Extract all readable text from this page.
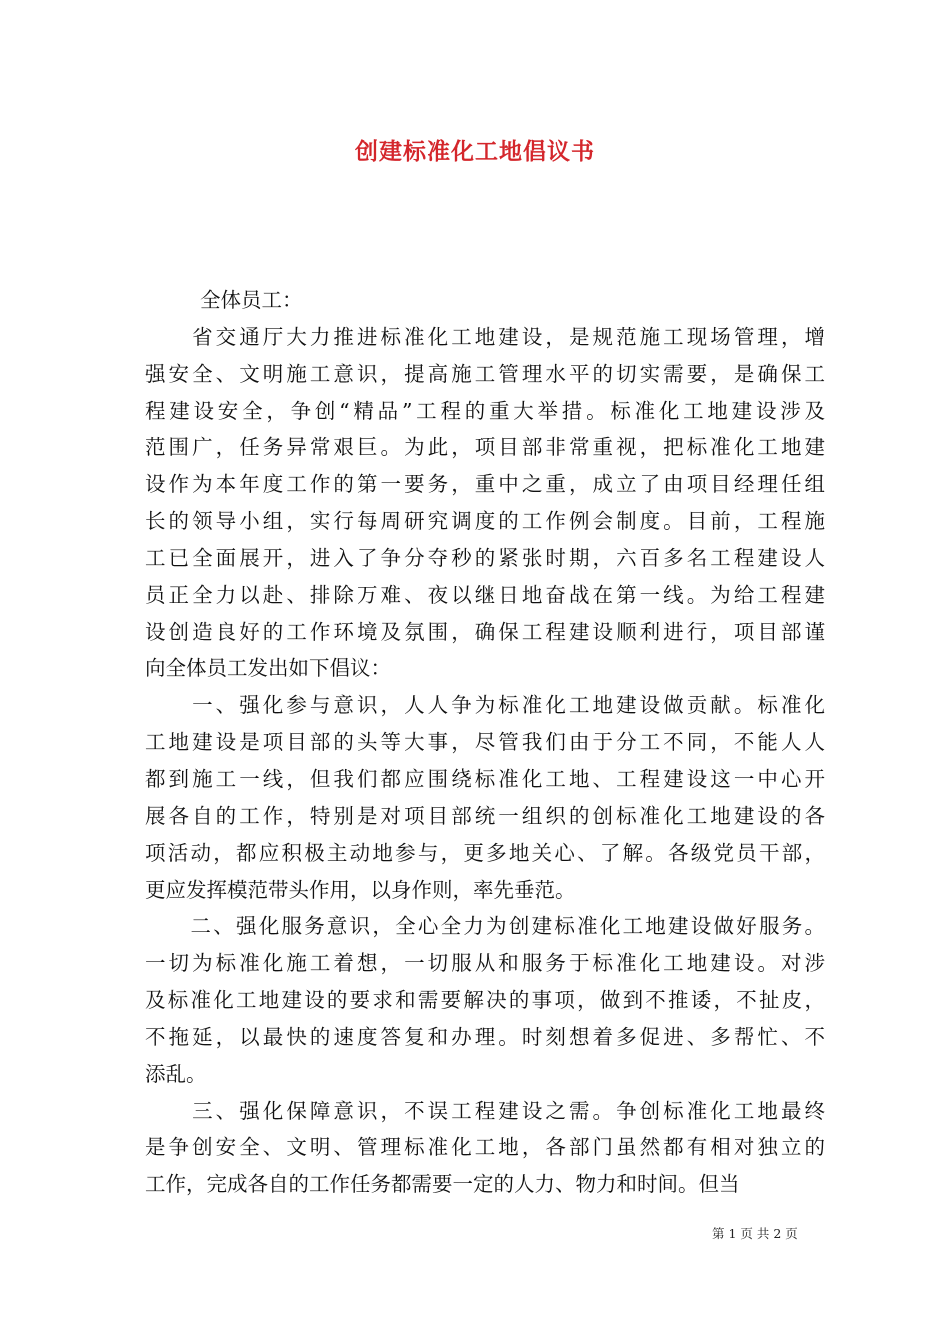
创建标准化工地倡议书

全体员工：

　　省交通厅大力推进标准化工地建设，是规范施工现场管理，增
强安全、文明施工意识，提高施工管理水平的切实需要，是确保工
程建设安全，争创“精品”工程的重大举措。标准化工地建设涉及
范围广，任务异常艰巨。为此，项目部非常重视，把标准化工地建
设作为本年度工作的第一要务，重中之重，成立了由项目经理任组
长的领导小组，实行每周研究调度的工作例会制度。目前，工程施
工已全面展开，进入了争分夺秒的紧张时期，六百多名工程建设人
员正全力以赴、排除万难、夜以继日地奋战在第一线。为给工程建
设创造良好的工作环境及氛围，确保工程建设顺利进行，项目部谨
向全体员工发出如下倡议：

　　一、强化参与意识，人人争为标准化工地建设做贡献。标准化
工地建设是项目部的头等大事，尽管我们由于分工不同，不能人人
都到施工一线，但我们都应围绕标准化工地、工程建设这一中心开
展各自的工作，特别是对项目部统一组织的创标准化工地建设的各
项活动，都应积极主动地参与，更多地关心、了解。各级党员干部，
更应发挥模范带头作用，以身作则，率先垂范。

　　二、强化服务意识，全心全力为创建标准化工地建设做好服务。
一切为标准化施工着想，一切服从和服务于标准化工地建设。对涉
及标准化工地建设的要求和需要解决的事项，做到不推诿，不扯皮，
不拖延，以最快的速度答复和办理。时刻想着多促进、多帮忙、不
添乱。

　　三、强化保障意识，不误工程建设之需。争创标准化工地最终
是争创安全、文明、管理标准化工地，各部门虽然都有相对独立的
工作，完成各自的工作任务都需要一定的人力、物力和时间。但当

第 1 页 共 2 页
